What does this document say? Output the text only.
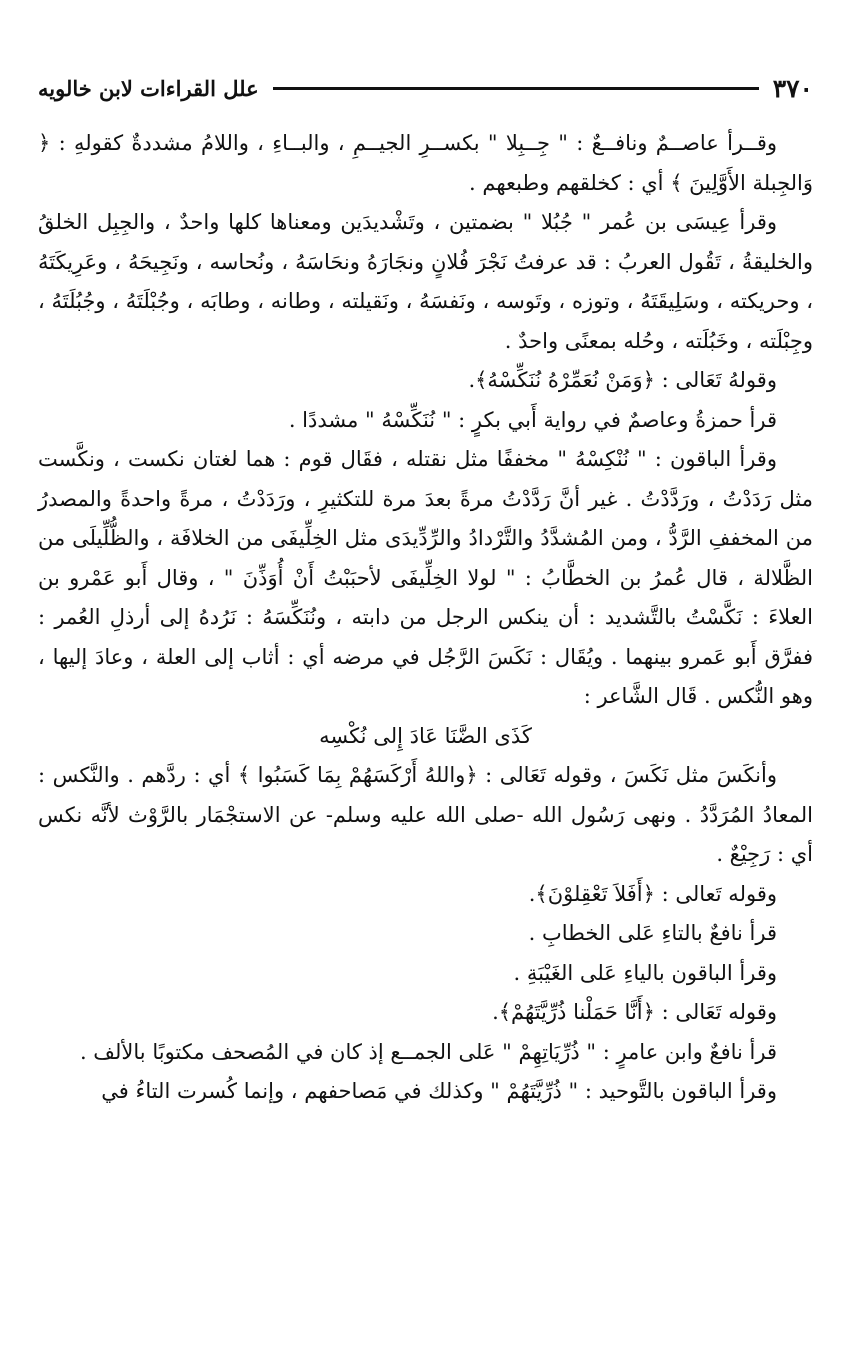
٣٧٠
علل القراءات لابن خالويه

وقــرأ عاصــمٌ ونافــعٌ : " جِــبِلا " بكســرِ الجيــمِ ، والبــاءِ ، واللامُ مشددةٌ كقولهِ : ﴿ وَالجِبلة الأَوَّلِينَ ﴾ أي : كخلقهم وطبعهم .

وقرأ عِيسَى بن عُمر " جُبُلا " بضمتين ، وتَشْديدَين ومعناها كلها واحدٌ ، والجِبِل الخلقُ والخليقةُ ، تَقُول العربُ : قد عرفتُ نَجْرَ فُلانٍ ونجَارَهُ ونحَاسَهُ ، ونُحاسه ، ونَجِيحَهُ ، وعَرِيكَتَهُ ، وحريكته ، وسَلِيقَتَهُ ، وتوزه ، وتَوسه ، ونَفسَهُ ، ونَقيلته ، وطانه ، وطابَه ، وجُبْلَتَهُ ، وجُبُلَتَهُ ، وجِبْلَته ، وخَبُلَته ، وحُله بمعنًى واحدٌ .

وقولهُ تَعَالى : ﴿وَمَنْ نُعَمِّرْهُ نُنَكِّسْهُ﴾.

قرأ حمزةُ وعاصمٌ في رواية أَبي بكرٍ : " نُنَكِّسْهُ " مشددًا .

وقرأ الباقون : " نُنْكِسْهُ " مخففًا مثل نقتله ، فقَال قوم : هما لغتان نكست ، ونكَّست مثل رَدَدْتُ ، ورَدَّدْتُ . غير أنَّ رَدَّدْتُ مرةً بعدَ مرة للتكثيرِ ، ورَدَدْتُ ، مرةً واحدةً والمصدرُ من المخففِ الرَّدُّ ، ومن المُشدَّدُ والتَّرْدادُ والرِّدِّيدَى مثل الخِلِّيفَى من الخلافَة ، والظُّلِّيلَى من الظَّلالة ، قال عُمرُ بن الخطَّابُ : " لولا الخِلِّيفَى لأحبَبْتُ أَنْ أُوَذِّنَ " ، وقال أَبو عَمْرو بن العلاءَ : نَكَّسْتُ بالتَّشديد : أن ينكس الرجل من دابته ، ونُنَكِّسَهُ : نَرُدهُ إلى أرذلِ العُمر : ففرَّق أَبو عَمرو بينهما . ويُقَال : نَكَسَ الرَّجُل في مرضه أي : أثاب إلى العلة ، وعادَ إليها ، وهو النُّكس . قَال الشَّاعر :

كَذَى الضَّنَا عَادَ إِلى نُكْسِه

وأنكَسَ مثل نَكَسَ ، وقوله تَعَالى : ﴿واللهُ أَرْكَسَهُمْ بِمَا كَسَبُوا ﴾ أي : ردَّهم . والنَّكس : المعادُ المُرَدَّدُ . ونهى رَسُول الله -صلى الله عليه وسلم- عن الاستجْمَار بالرَّوْث لأنَّه نكس أي : رَجِيْعٌ .

وقوله تَعالى : ﴿أَفَلاَ تَعْقِلوْنَ﴾.

قرأ نافعٌ بالتاءِ عَلى الخطابِ .

وقرأ الباقون بالياءِ عَلى الغَيْبَةِ .

وقوله تَعَالى : ﴿أَنَّا حَمَلْنا ذُرِّيَّتَهُمْ﴾.

قرأ نافعٌ وابن عامرٍ : " ذُرِّيَاتِهِمْ " عَلى الجمــع إذ كان في المُصحف مكتوبًا بالألف .

وقرأ الباقون بالتَّوحيد : " ذُرِّيَّتَهُمْ " وكذلك في مَصاحفهم ، وإنما كُسرت التاءُ في
